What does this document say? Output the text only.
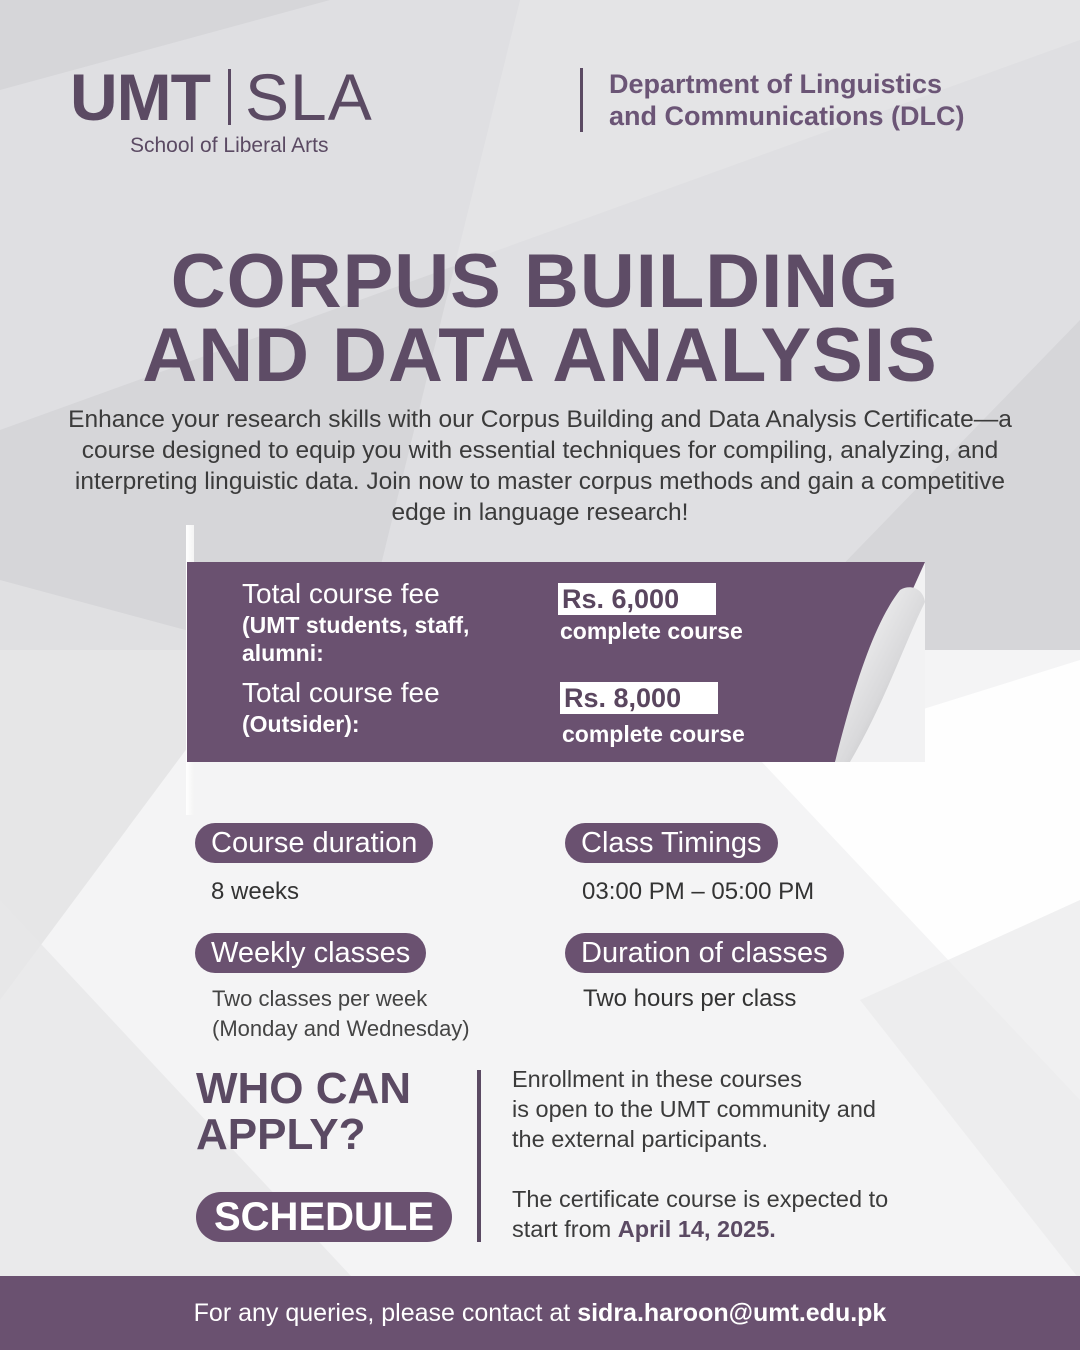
UMT SLA
School of Liberal Arts
Department of Linguistics
and Communications (DLC)
CORPUS BUILDING
AND DATA ANALYSIS
Enhance your research skills with our Corpus Building and Data Analysis Certificate—a course designed to equip you with essential techniques for compiling, analyzing, and interpreting linguistic data. Join now to master corpus methods and gain a competitive edge in language research!
Total course fee
(UMT students, staff, alumni:
Rs. 6,000
complete course
Total course fee
(Outsider):
Rs. 8,000
complete course
Course duration
8 weeks
Class Timings
03:00 PM – 05:00 PM
Weekly classes
Two classes per week
(Monday and Wednesday)
Duration of classes
Two hours per class
WHO CAN
APPLY?
SCHEDULE
Enrollment in these courses
is open to the UMT community and
the external participants.
The certificate course is expected to
start from April 14, 2025.
For any queries, please contact at sidra.haroon@umt.edu.pk
